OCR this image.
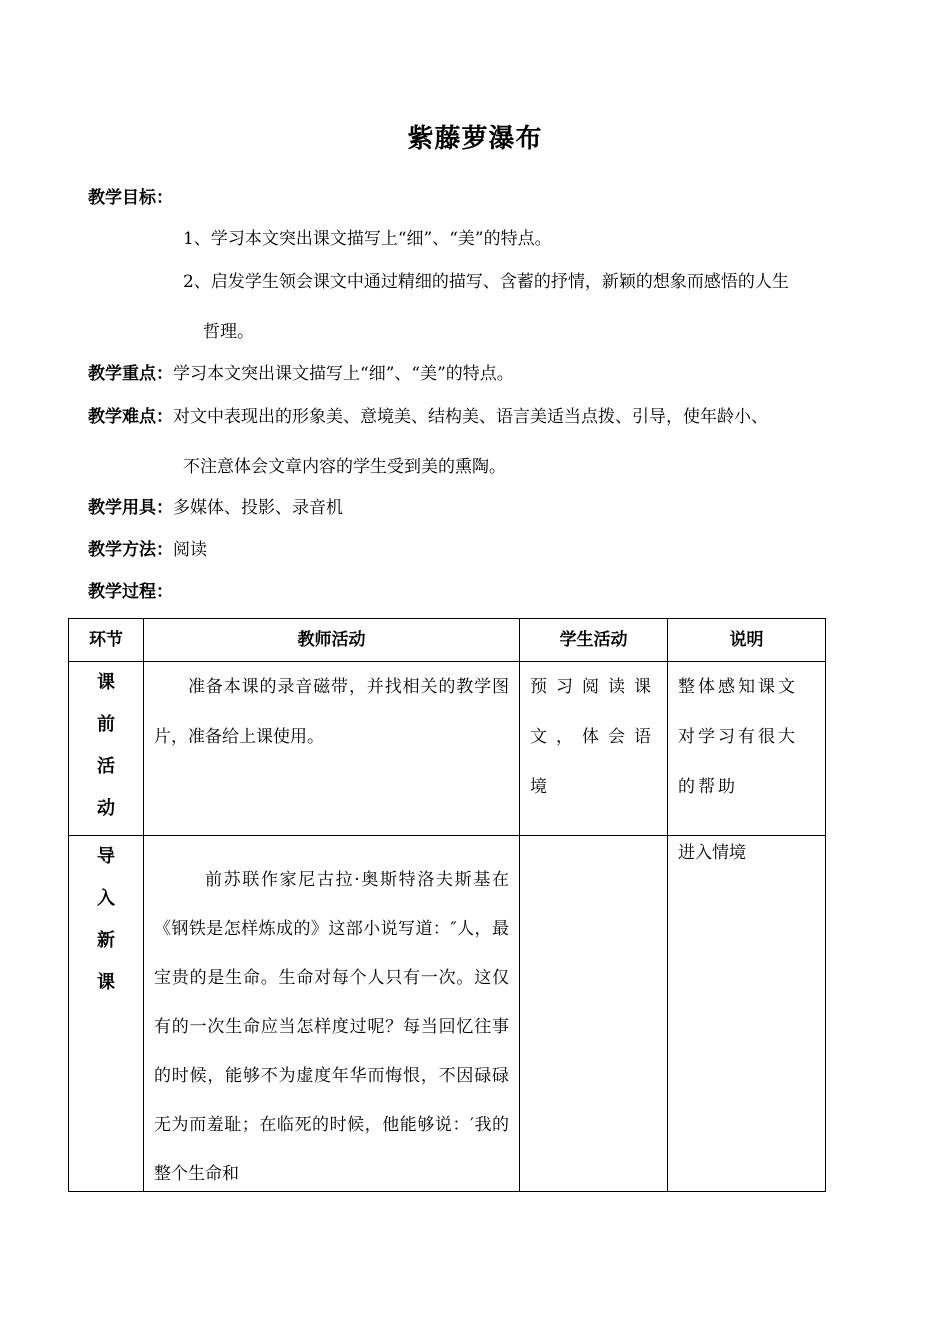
紫藤萝瀑布
教学目标：
1、学习本文突出课文描写上“细”、“美”的特点。
2、启发学生领会课文中通过精细的描写、含蓄的抒情，新颖的想象而感悟的人生
哲理。
教学重点：学习本文突出课文描写上“细”、“美”的特点。
教学难点：对文中表现出的形象美、意境美、结构美、语言美适当点拨、引导，使年龄小、
不注意体会文章内容的学生受到美的熏陶。
教学用具：多媒体、投影、录音机
教学方法：阅读
教学过程：
环节	教师活动	学生活动	说明

课
前
活
动	准备本课的录音磁带，并找相关的教学图片，准备给上课使用。	预习阅读课文，体会语境	整体感知课文对学习有很大的帮助

导
入
新
课	前苏联作家尼古拉·奥斯特洛夫斯基在《钢铁是怎样炼成的》这部小说写道：″人，最宝贵的是生命。生命对每个人只有一次。这仅有的一次生命应当怎样度过呢？每当回忆往事的时候，能够不为虚度年华而悔恨，不因碌碌无为而羞耻；在临死的时候，他能够说：′我的整个生命和		进入情境
